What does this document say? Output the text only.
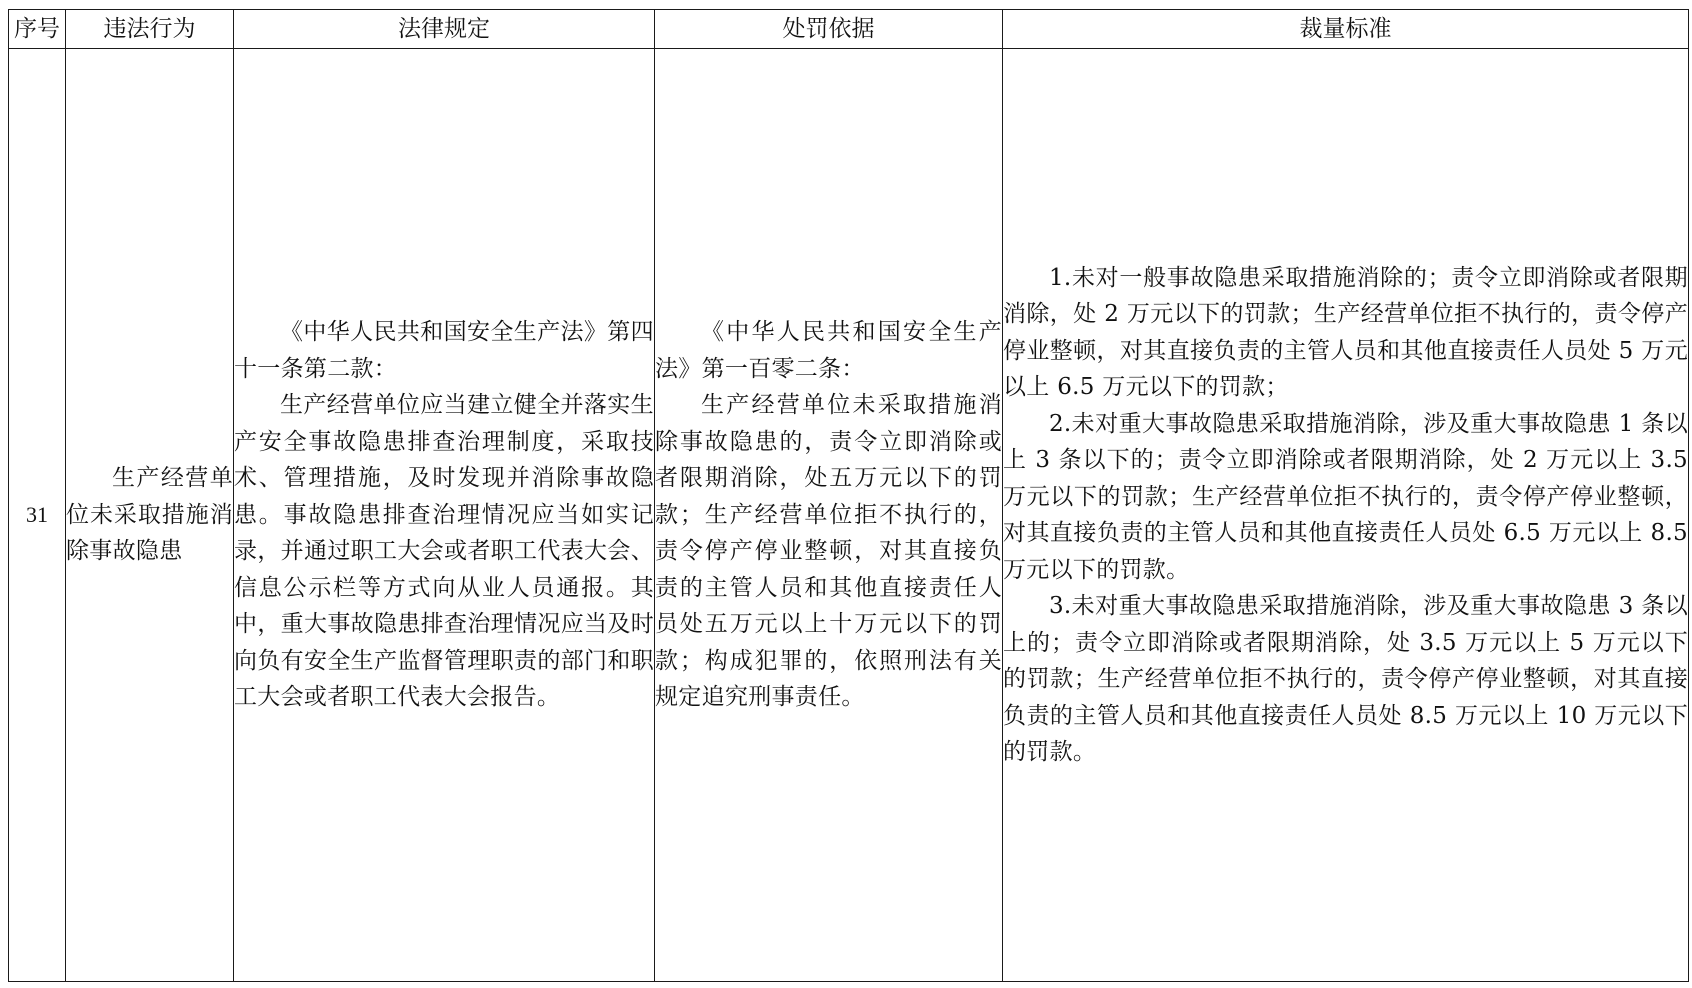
序号	违法行为	法律规定	处罚依据	裁量标准
31	生产经营单位未采取措施消除事故隐患	《中华人民共和国安全生产法》第四十一条第二款：
生产经营单位应当建立健全并落实生产安全事故隐患排查治理制度，采取技术、管理措施，及时发现并消除事故隐患。事故隐患排查治理情况应当如实记录，并通过职工大会或者职工代表大会、信息公示栏等方式向从业人员通报。其中，重大事故隐患排查治理情况应当及时向负有安全生产监督管理职责的部门和职工大会或者职工代表大会报告。	《中华人民共和国安全生产法》第一百零二条：
生产经营单位未采取措施消除事故隐患的，责令立即消除或者限期消除，处五万元以下的罚款；生产经营单位拒不执行的，责令停产停业整顿，对其直接负责的主管人员和其他直接责任人员处五万元以上十万元以下的罚款；构成犯罪的，依照刑法有关规定追究刑事责任。	1.未对一般事故隐患采取措施消除的；责令立即消除或者限期消除，处 2 万元以下的罚款；生产经营单位拒不执行的，责令停产停业整顿，对其直接负责的主管人员和其他直接责任人员处 5 万元以上 6.5 万元以下的罚款；
2.未对重大事故隐患采取措施消除，涉及重大事故隐患 1 条以上 3 条以下的；责令立即消除或者限期消除，处 2 万元以上 3.5 万元以下的罚款；生产经营单位拒不执行的，责令停产停业整顿，对其直接负责的主管人员和其他直接责任人员处 6.5 万元以上 8.5 万元以下的罚款。
3.未对重大事故隐患采取措施消除，涉及重大事故隐患 3 条以上的；责令立即消除或者限期消除，处 3.5 万元以上 5 万元以下的罚款；生产经营单位拒不执行的，责令停产停业整顿，对其直接负责的主管人员和其他直接责任人员处 8.5 万元以上 10 万元以下的罚款。
